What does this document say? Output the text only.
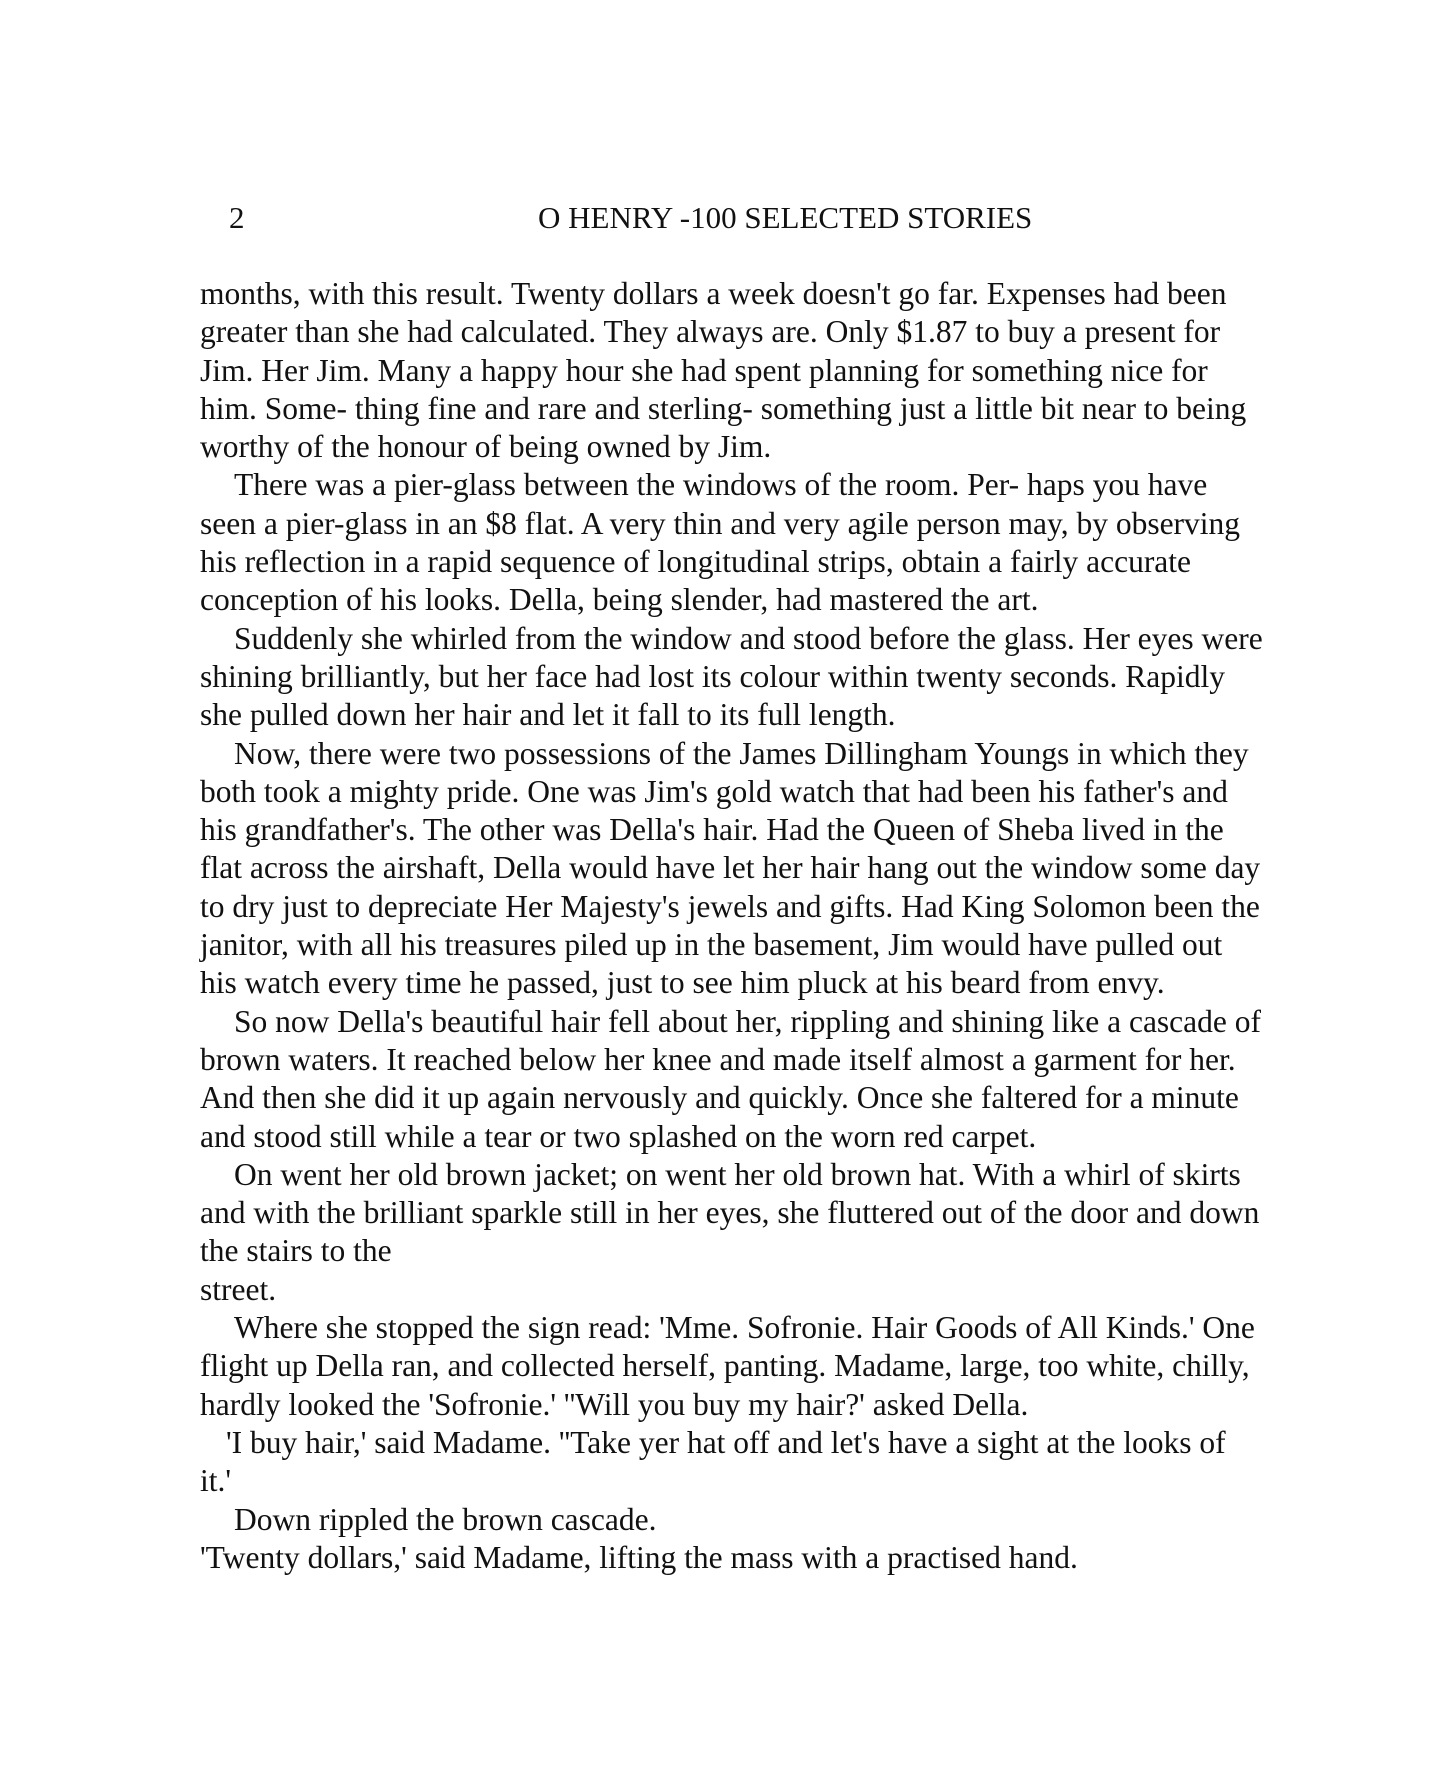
2	O HENRY -100 SELECTED STORIES
months, with this result. Twenty dollars a week doesn't go far. Expenses had been
greater than she had calculated. They always are. Only $1.87 to buy a present for
Jim. Her Jim. Many a happy hour she had spent planning for something nice for
him. Some- thing fine and rare and sterling- something just a little bit near to being
worthy of the honour of being owned by Jim.
There was a pier-glass between the windows of the room. Per- haps you have
seen a pier-glass in an $8 flat. A very thin and very agile person may, by observing
his reflection in a rapid sequence of longitudinal strips, obtain a fairly accurate
conception of his looks. Della, being slender, had mastered the art.
Suddenly she whirled from the window and stood before the glass. Her eyes were
shining brilliantly, but her face had lost its colour within twenty seconds. Rapidly
she pulled down her hair and let it fall to its full length.
Now, there were two possessions of the James Dillingham Youngs in which they
both took a mighty pride. One was Jim's gold watch that had been his father's and
his grandfather's. The other was Della's hair. Had the Queen of Sheba lived in the
flat across the airshaft, Della would have let her hair hang out the window some day
to dry just to depreciate Her Majesty's jewels and gifts. Had King Solomon been the
janitor, with all his treasures piled up in the basement, Jim would have pulled out
his watch every time he passed, just to see him pluck at his beard from envy.
So now Della's beautiful hair fell about her, rippling and shining like a cascade of
brown waters. It reached below her knee and made itself almost a garment for her.
And then she did it up again nervously and quickly. Once she faltered for a minute
and stood still while a tear or two splashed on the worn red carpet.
On went her old brown jacket; on went her old brown hat. With a whirl of skirts
and with the brilliant sparkle still in her eyes, she fluttered out of the door and down
the stairs to the
street.
Where she stopped the sign read: 'Mme. Sofronie. Hair Goods of All Kinds.' One
flight up Della ran, and collected herself, panting. Madame, large, too white, chilly,
hardly looked the 'Sofronie.' ''Will you buy my hair?' asked Della.
'I buy hair,' said Madame. ''Take yer hat off and let's have a sight at the looks of
it.'
Down rippled the brown cascade.
'Twenty dollars,' said Madame, lifting the mass with a practised hand.
